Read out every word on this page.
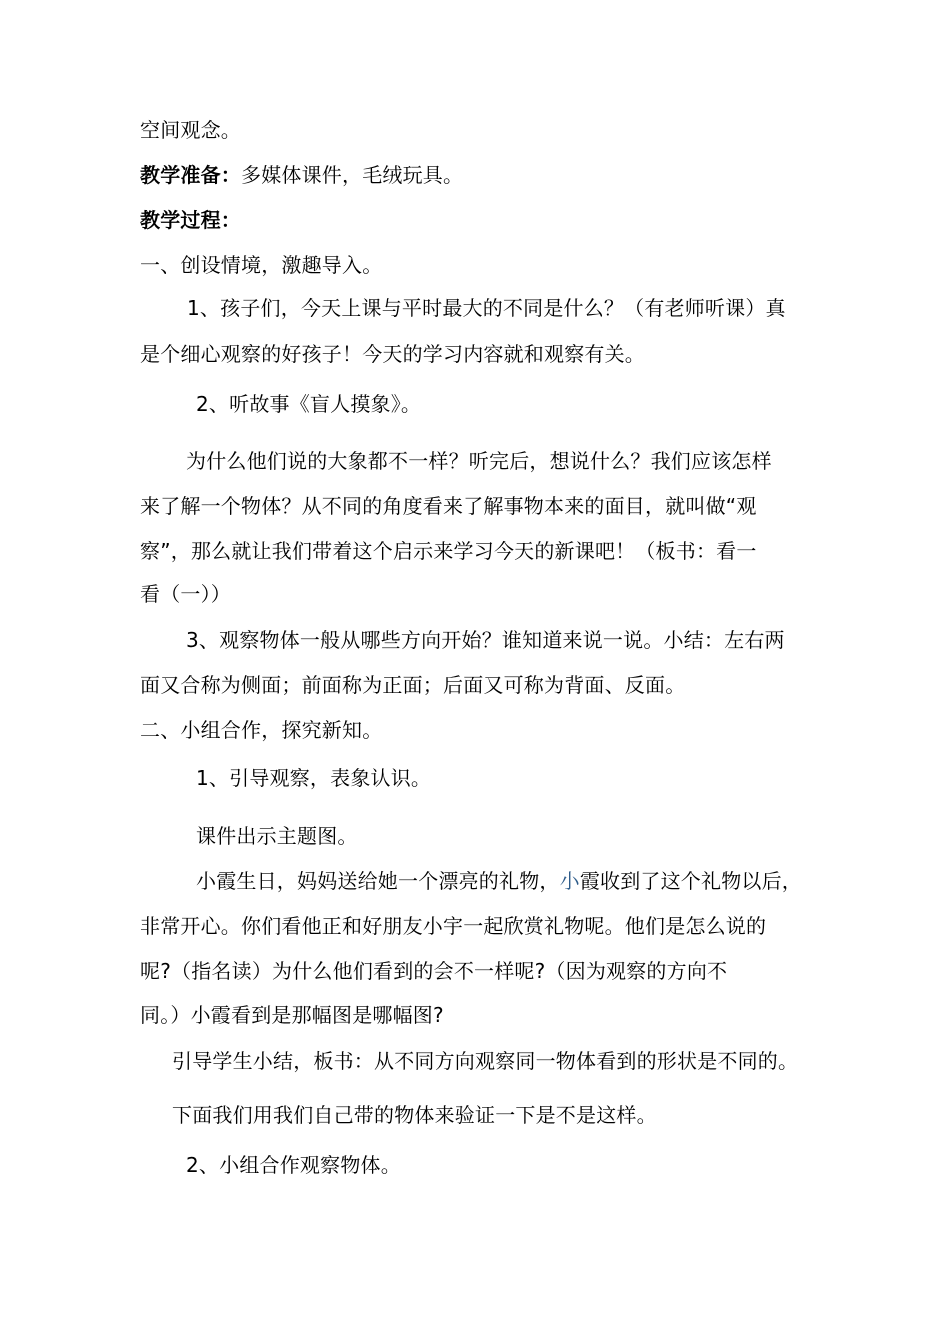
空间观念。
教学准备：多媒体课件，毛绒玩具。
教学过程：
一、创设情境，激趣导入。
1、孩子们，今天上课与平时最大的不同是什么？（有老师听课）真
是个细心观察的好孩子！今天的学习内容就和观察有关。
2、听故事《盲人摸象》。
为什么他们说的大象都不一样？听完后，想说什么？我们应该怎样
来了解一个物体？从不同的角度看来了解事物本来的面目，就叫做“观
察”，那么就让我们带着这个启示来学习今天的新课吧！（板书：看一
看（一））
3、观察物体一般从哪些方向开始？谁知道来说一说。小结：左右两
面又合称为侧面；前面称为正面；后面又可称为背面、反面。
二、小组合作，探究新知。
1、引导观察，表象认识。
课件出示主题图。
小霞生日，妈妈送给她一个漂亮的礼物，小霞收到了这个礼物以后，
非常开心。你们看他正和好朋友小宇一起欣赏礼物呢。他们是怎么说的
呢?（指名读）为什么他们看到的会不一样呢?（因为观察的方向不
同。）小霞看到是那幅图是哪幅图?
引导学生小结，板书：从不同方向观察同一物体看到的形状是不同的。
下面我们用我们自己带的物体来验证一下是不是这样。
2、小组合作观察物体。
